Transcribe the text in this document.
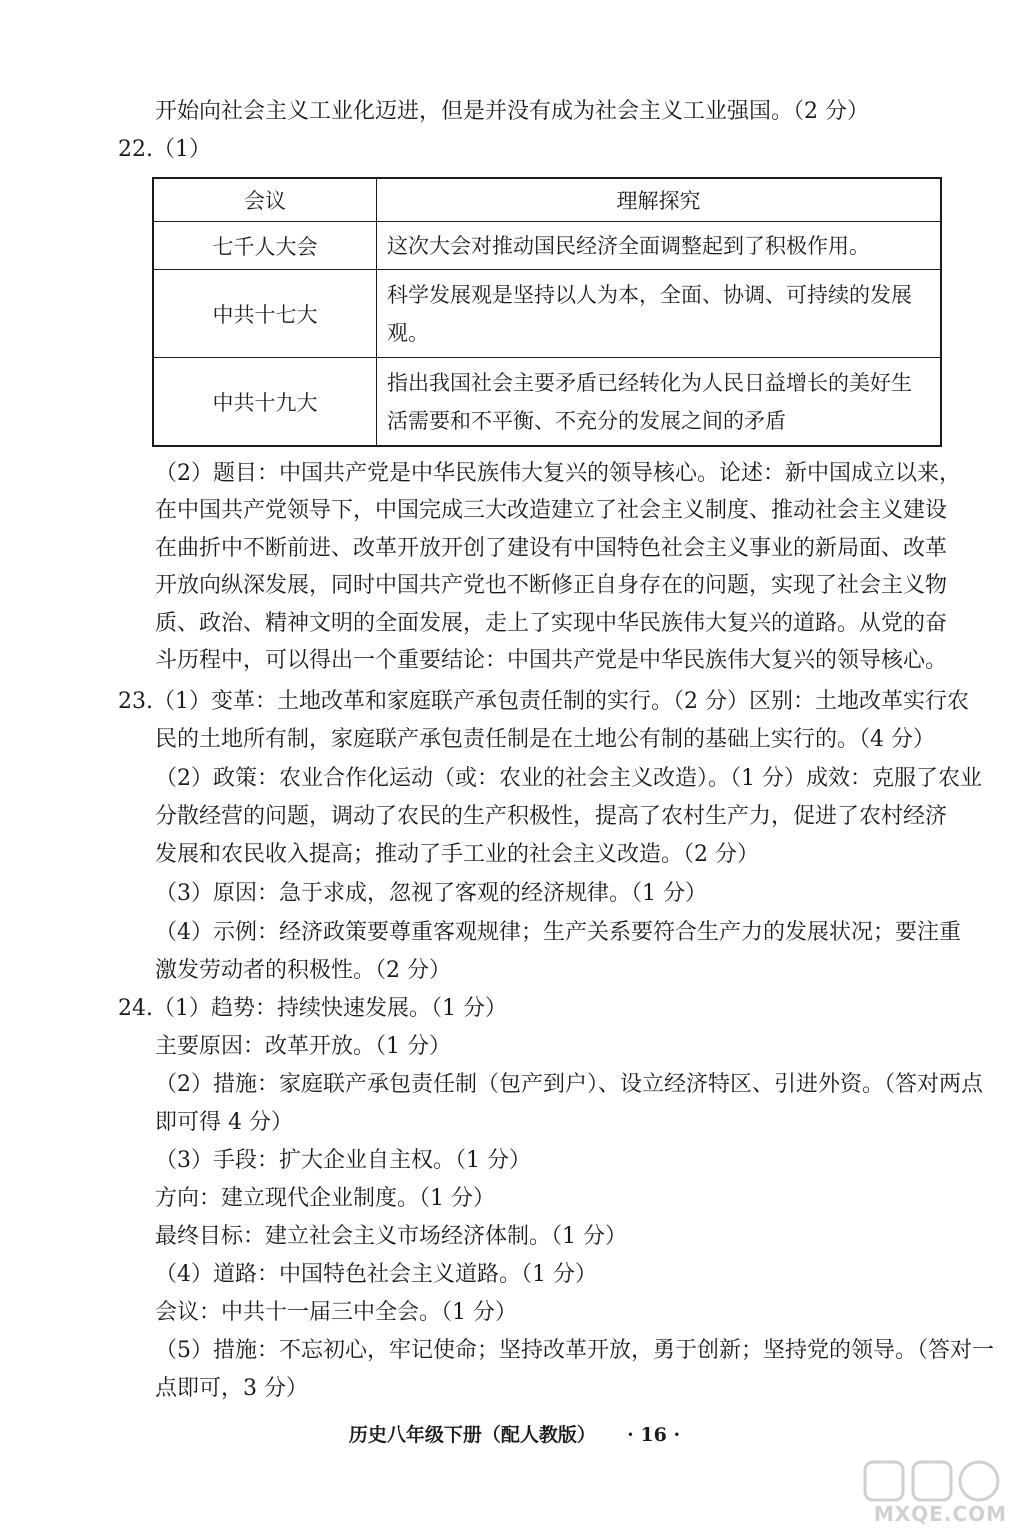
开始向社会主义工业化迈进，但是并没有成为社会主义工业强国。（2 分）
22.（1）
会议	理解探究
七千人大会	这次大会对推动国民经济全面调整起到了积极作用。
中共十七大	科学发展观是坚持以人为本，全面、协调、可持续的发展观。
中共十九大	指出我国社会主要矛盾已经转化为人民日益增长的美好生活需要和不平衡、不充分的发展之间的矛盾
（2）题目：中国共产党是中华民族伟大复兴的领导核心。论述：新中国成立以来，
在中国共产党领导下，中国完成三大改造建立了社会主义制度、推动社会主义建设
在曲折中不断前进、改革开放开创了建设有中国特色社会主义事业的新局面、改革
开放向纵深发展，同时中国共产党也不断修正自身存在的问题，实现了社会主义物
质、政治、精神文明的全面发展，走上了实现中华民族伟大复兴的道路。从党的奋
斗历程中，可以得出一个重要结论：中国共产党是中华民族伟大复兴的领导核心。
23.（1）变革：土地改革和家庭联产承包责任制的实行。（2 分）区别：土地改革实行农
民的土地所有制，家庭联产承包责任制是在土地公有制的基础上实行的。（4 分）
（2）政策：农业合作化运动（或：农业的社会主义改造）。（1 分）成效：克服了农业
分散经营的问题，调动了农民的生产积极性，提高了农村生产力，促进了农村经济
发展和农民收入提高；推动了手工业的社会主义改造。（2 分）
（3）原因：急于求成，忽视了客观的经济规律。（1 分）
（4）示例：经济政策要尊重客观规律；生产关系要符合生产力的发展状况；要注重
激发劳动者的积极性。（2 分）
24.（1）趋势：持续快速发展。（1 分）
主要原因：改革开放。（1 分）
（2）措施：家庭联产承包责任制（包产到户）、设立经济特区、引进外资。（答对两点
即可得 4 分）
（3）手段：扩大企业自主权。（1 分）
方向：建立现代企业制度。（1 分）
最终目标：建立社会主义市场经济体制。（1 分）
（4）道路：中国特色社会主义道路。（1 分）
会议：中共十一届三中全会。（1 分）
（5）措施：不忘初心，牢记使命；坚持改革开放，勇于创新；坚持党的领导。（答对一
点即可，3 分）
历史八年级下册（配人教版） · 16 ·
MXQE.COM
